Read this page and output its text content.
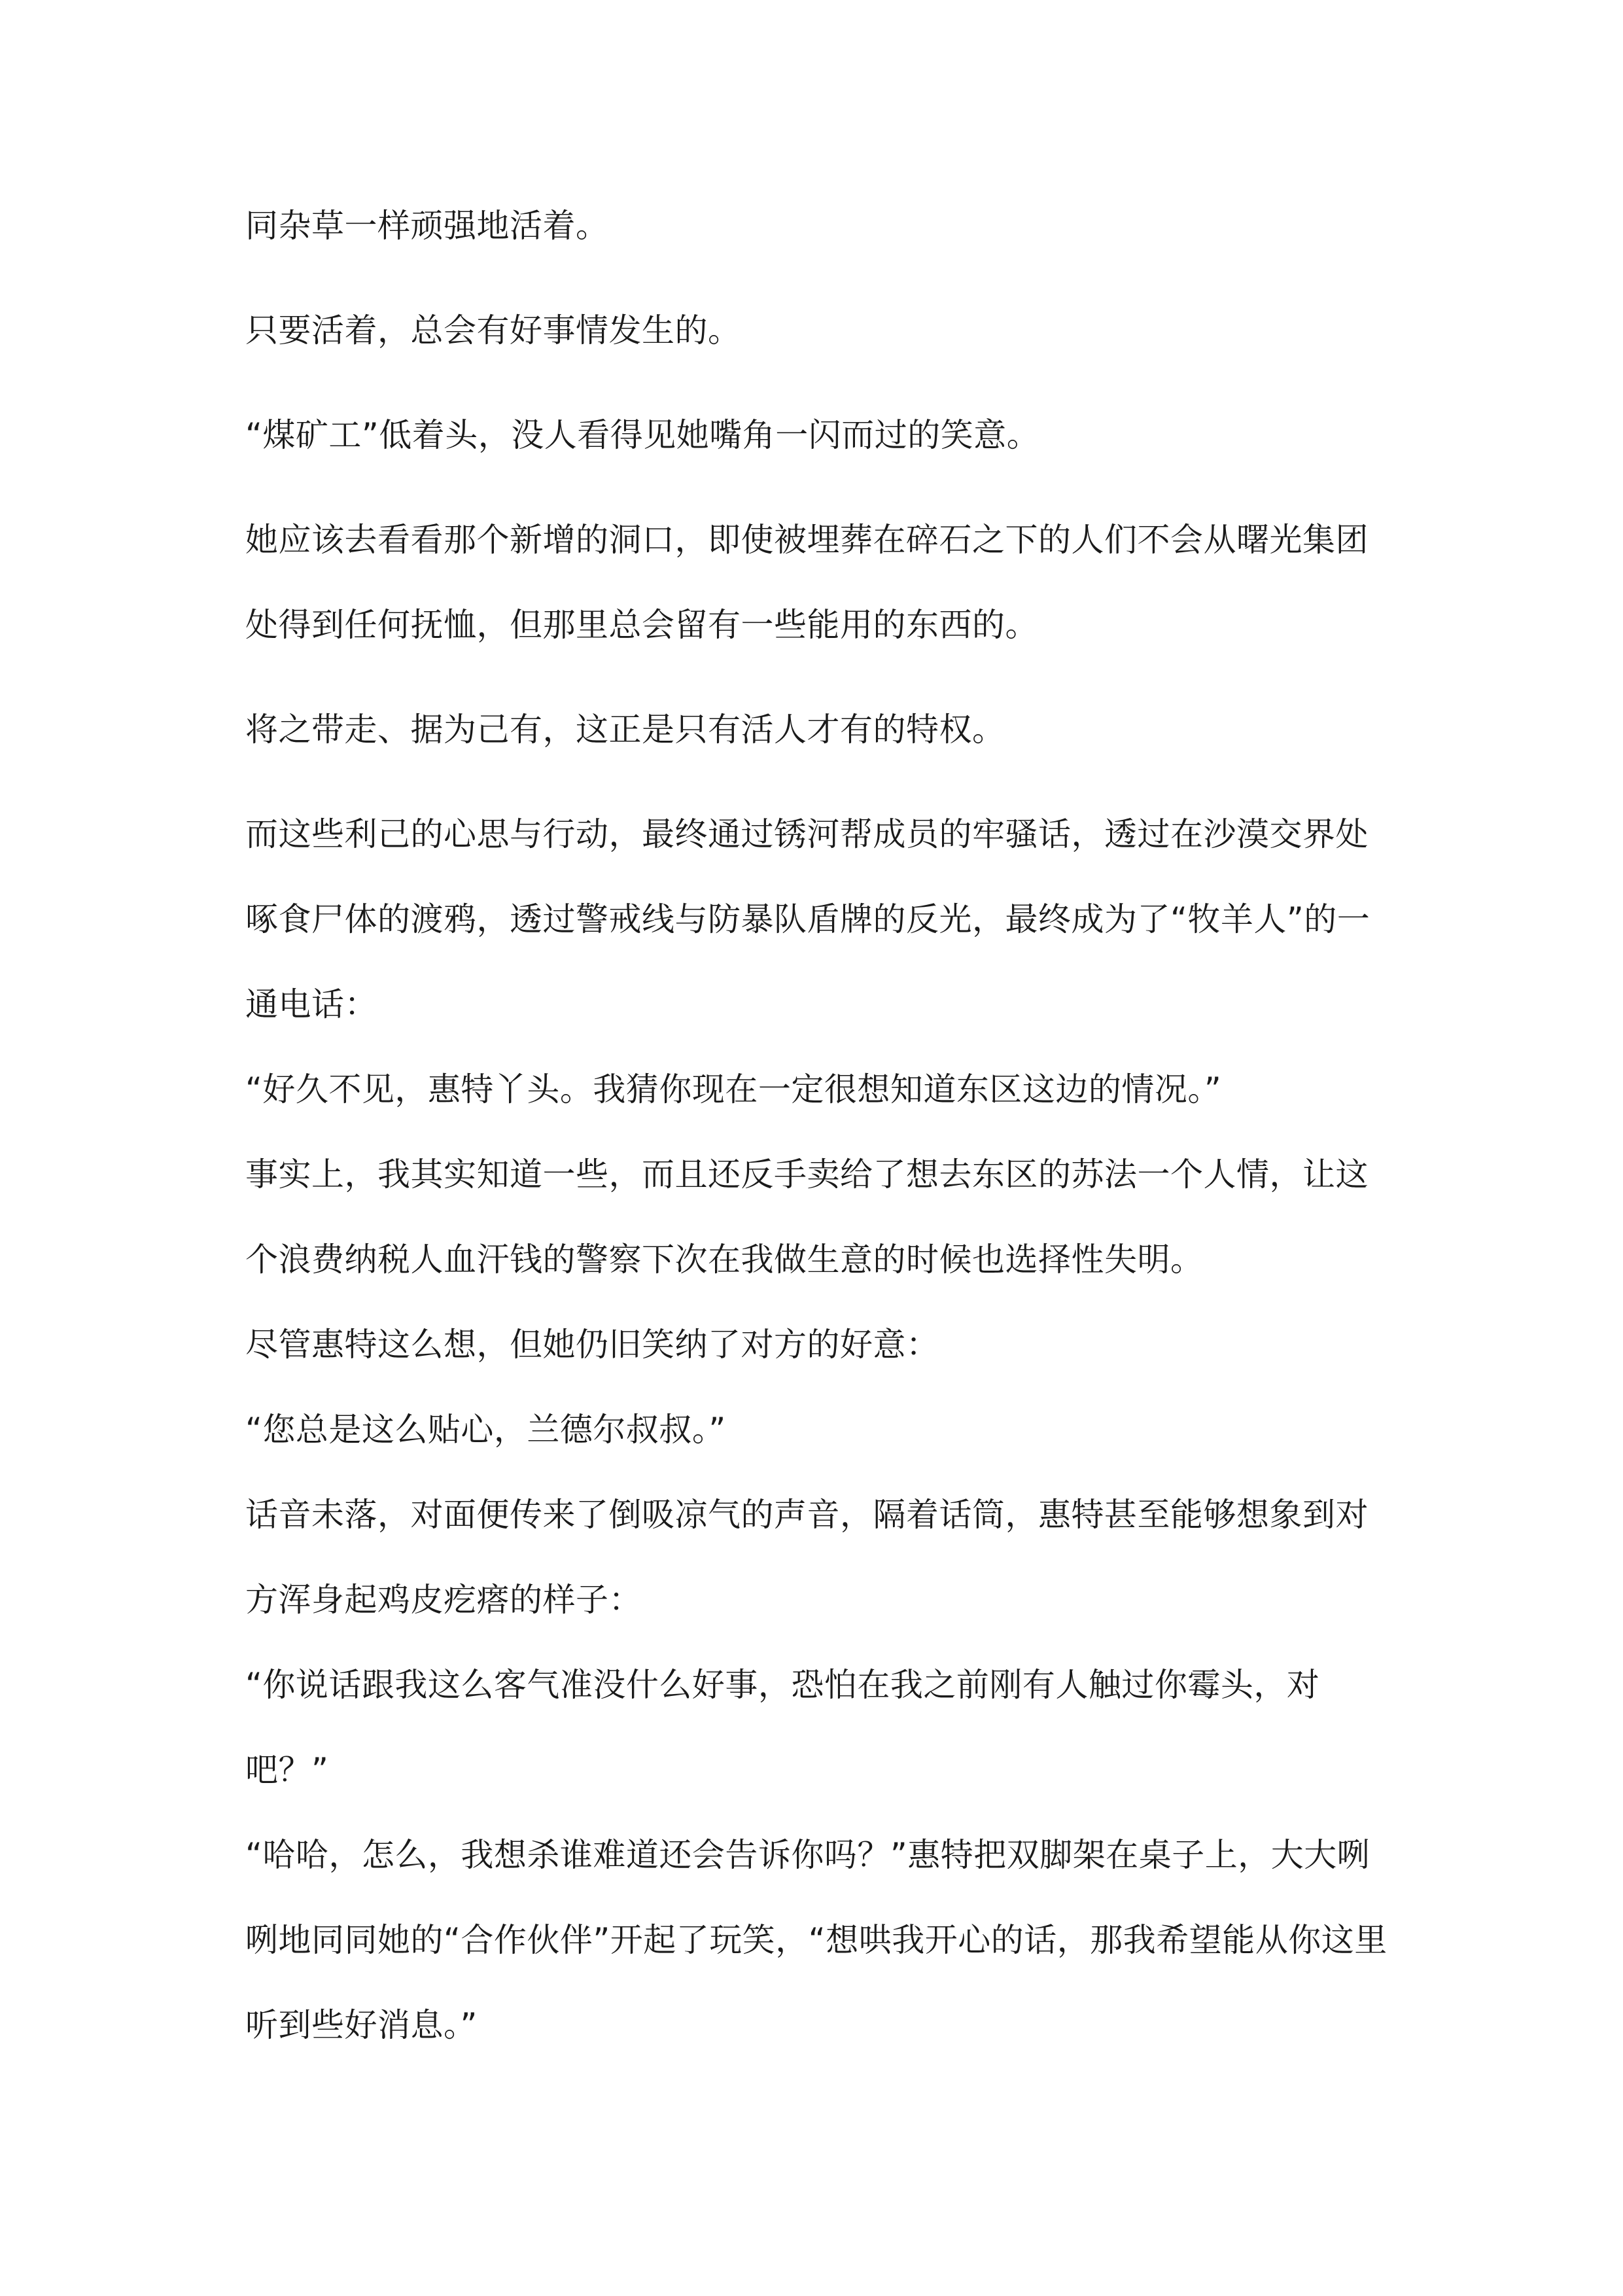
同杂草一样顽强地活着。

只要活着，总会有好事情发生的。

“煤矿工”低着头，没人看得见她嘴角一闪而过的笑意。

她应该去看看那个新增的洞口，即使被埋葬在碎石之下的人们不会从曙光集团处得到任何抚恤，但那里总会留有一些能用的东西的。

将之带走、据为己有，这正是只有活人才有的特权。

而这些利己的心思与行动，最终通过锈河帮成员的牢骚话，透过在沙漠交界处啄食尸体的渡鸦，透过警戒线与防暴队盾牌的反光，最终成为了“牧羊人”的一通电话：

“好久不见，惠特丫头。我猜你现在一定很想知道东区这边的情况。”

事实上，我其实知道一些，而且还反手卖给了想去东区的苏法一个人情，让这个浪费纳税人血汗钱的警察下次在我做生意的时候也选择性失明。

尽管惠特这么想，但她仍旧笑纳了对方的好意：

“您总是这么贴心，兰德尔叔叔。”

话音未落，对面便传来了倒吸凉气的声音，隔着话筒，惠特甚至能够想象到对方浑身起鸡皮疙瘩的样子：

“你说话跟我这么客气准没什么好事，恐怕在我之前刚有人触过你霉头，对吧？”

“哈哈，怎么，我想杀谁难道还会告诉你吗？”惠特把双脚架在桌子上，大大咧咧地同同她的“合作伙伴”开起了玩笑，“想哄我开心的话，那我希望能从你这里听到些好消息。”
